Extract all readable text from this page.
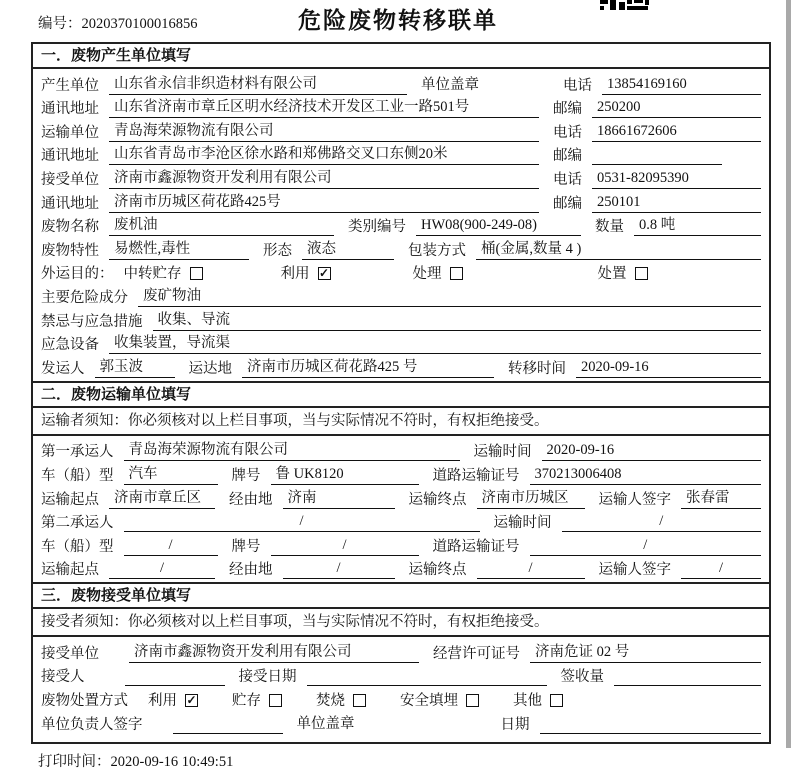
编号：2020370100016856	危险废物转移联单
一．废物产生单位填写
产生单位	山东省永信非织造材料有限公司	单位盖章	电话	13854169160
通讯地址	山东省济南市章丘区明水经济技术开发区工业一路501号	邮编	250200
运输单位	青岛海荣源物流有限公司	电话	18661672606
通讯地址	山东省青岛市李沧区徐水路和郑佛路交叉口东侧20米	邮编
接受单位	济南市鑫源物资开发利用有限公司	电话	0531-82095390
通讯地址	济南市历城区荷花路425号	邮编	250101
废物名称	废机油	类别编号	HW08(900-249-08)	数量	0.8 吨
废物特性	易燃性,毒性	形态	液态	包装方式	桶(金属,数量 4 )
外运目的： 中转贮存	利用 ✓	处理	处置
主要危险成分	废矿物油
禁忌与应急措施	收集、导流
应急设备	收集装置，导流渠
发运人	郭玉波	运达地	济南市历城区荷花路425 号	转移时间	2020-09-16
二．废物运输单位填写
运输者须知：你必须核对以上栏目事项，当与实际情况不符时，有权拒绝接受。
第一承运人	青岛海荣源物流有限公司	运输时间	2020-09-16
车（船）型	汽车	牌号	鲁 UK8120	道路运输证号	370213006408
运输起点	济南市章丘区	经由地	济南	运输终点	济南市历城区	运输人签字	张春雷
第二承运人	/	运输时间	/
车（船）型	/	牌号	/	道路运输证号	/
运输起点	/	经由地	/	运输终点	/	运输人签字	/
三．废物接受单位填写
接受者须知：你必须核对以上栏目事项，当与实际情况不符时，有权拒绝接受。
接受单位	济南市鑫源物资开发利用有限公司	经营许可证号	济南危证 02 号
接受人	接受日期	签收量
废物处置方式 利用 ✓ 贮存	焚烧	安全填埋	其他
单位负责人签字	单位盖章	日期
打印时间：2020-09-16 10:49:51
